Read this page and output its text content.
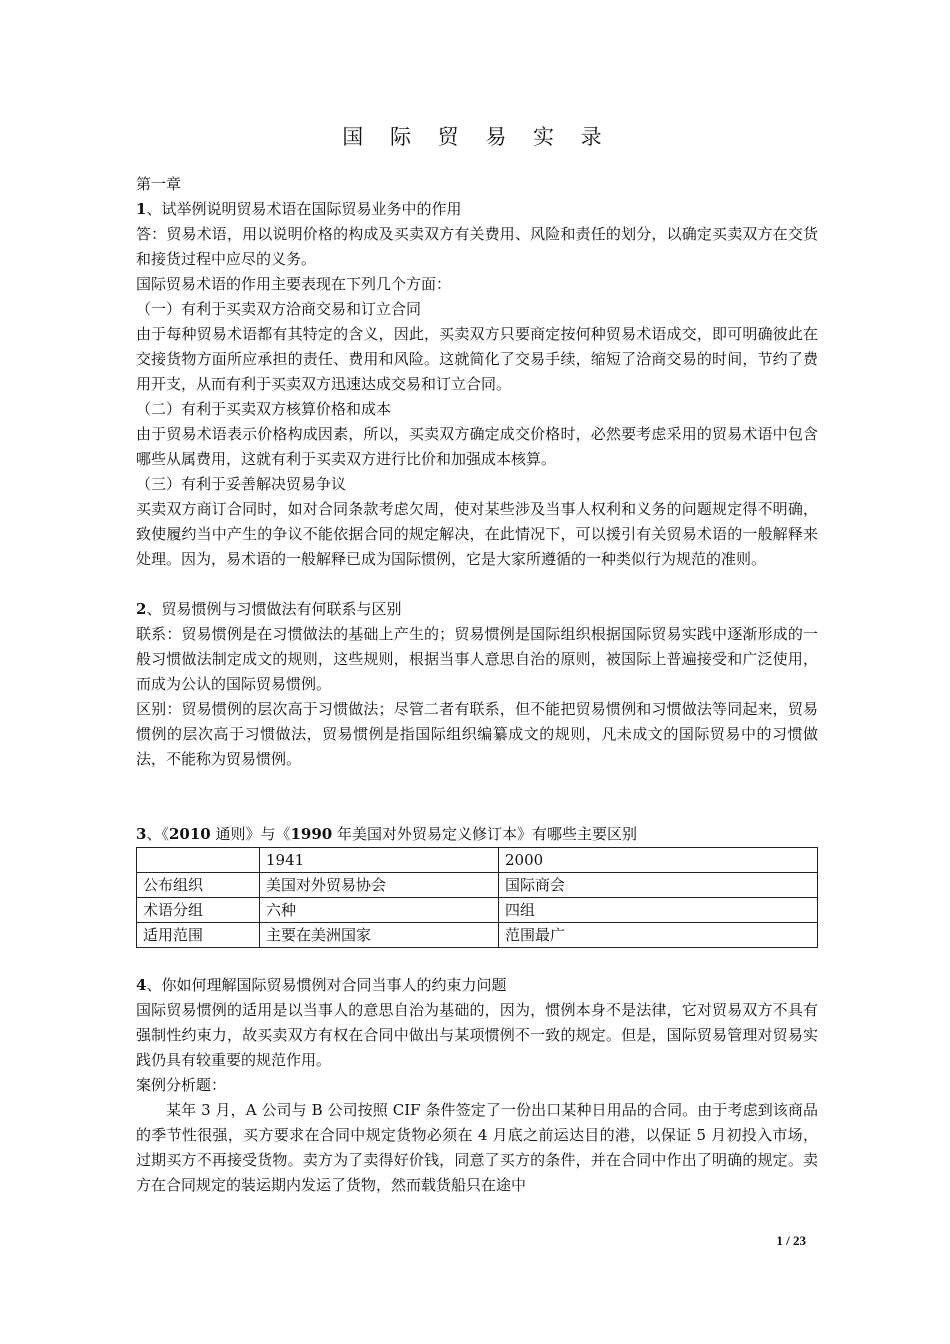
国 际 贸 易 实 录

第一章

1、试举例说明贸易术语在国际贸易业务中的作用

答：贸易术语，用以说明价格的构成及买卖双方有关费用、风险和责任的划分，以确定买卖双方在交货和接货过程中应尽的义务。

国际贸易术语的作用主要表现在下列几个方面：

（一）有利于买卖双方洽商交易和订立合同

由于每种贸易术语都有其特定的含义，因此，买卖双方只要商定按何种贸易术语成交，即可明确彼此在交接货物方面所应承担的责任、费用和风险。这就简化了交易手续，缩短了洽商交易的时间，节约了费用开支，从而有利于买卖双方迅速达成交易和订立合同。

（二）有利于买卖双方核算价格和成本

由于贸易术语表示价格构成因素，所以，买卖双方确定成交价格时，必然要考虑采用的贸易术语中包含哪些从属费用，这就有利于买卖双方进行比价和加强成本核算。

（三）有利于妥善解决贸易争议

买卖双方商订合同时，如对合同条款考虑欠周，使对某些涉及当事人权利和义务的问题规定得不明确，致使履约当中产生的争议不能依据合同的规定解决，在此情况下，可以援引有关贸易术语的一般解释来处理。因为，易术语的一般解释已成为国际惯例，它是大家所遵循的一种类似行为规范的准则。

2、贸易惯例与习惯做法有何联系与区别

联系：贸易惯例是在习惯做法的基础上产生的；贸易惯例是国际组织根据国际贸易实践中逐渐形成的一般习惯做法制定成文的规则，这些规则，根据当事人意思自治的原则，被国际上普遍接受和广泛使用，而成为公认的国际贸易惯例。

区别：贸易惯例的层次高于习惯做法；尽管二者有联系，但不能把贸易惯例和习惯做法等同起来，贸易惯例的层次高于习惯做法，贸易惯例是指国际组织编纂成文的规则，凡未成文的国际贸易中的习惯做法，不能称为贸易惯例。

3、《2010 通则》与《1990 年美国对外贸易定义修订本》有哪些主要区别

	1941	2000
公布组织	美国对外贸易协会	国际商会
术语分组	六种	四组
适用范围	主要在美洲国家	范围最广

4、你如何理解国际贸易惯例对合同当事人的约束力问题

国际贸易惯例的适用是以当事人的意思自治为基础的，因为，惯例本身不是法律，它对贸易双方不具有强制性约束力，故买卖双方有权在合同中做出与某项惯例不一致的规定。但是，国际贸易管理对贸易实践仍具有较重要的规范作用。

案例分析题：

某年 3 月，A 公司与 B 公司按照 CIF 条件签定了一份出口某种日用品的合同。由于考虑到该商品的季节性很强，买方要求在合同中规定货物必须在 4 月底之前运达目的港，以保证 5 月初投入市场，过期买方不再接受货物。卖方为了卖得好价钱，同意了买方的条件，并在合同中作出了明确的规定。卖方在合同规定的装运期内发运了货物，然而载货船只在途中

1 / 23
